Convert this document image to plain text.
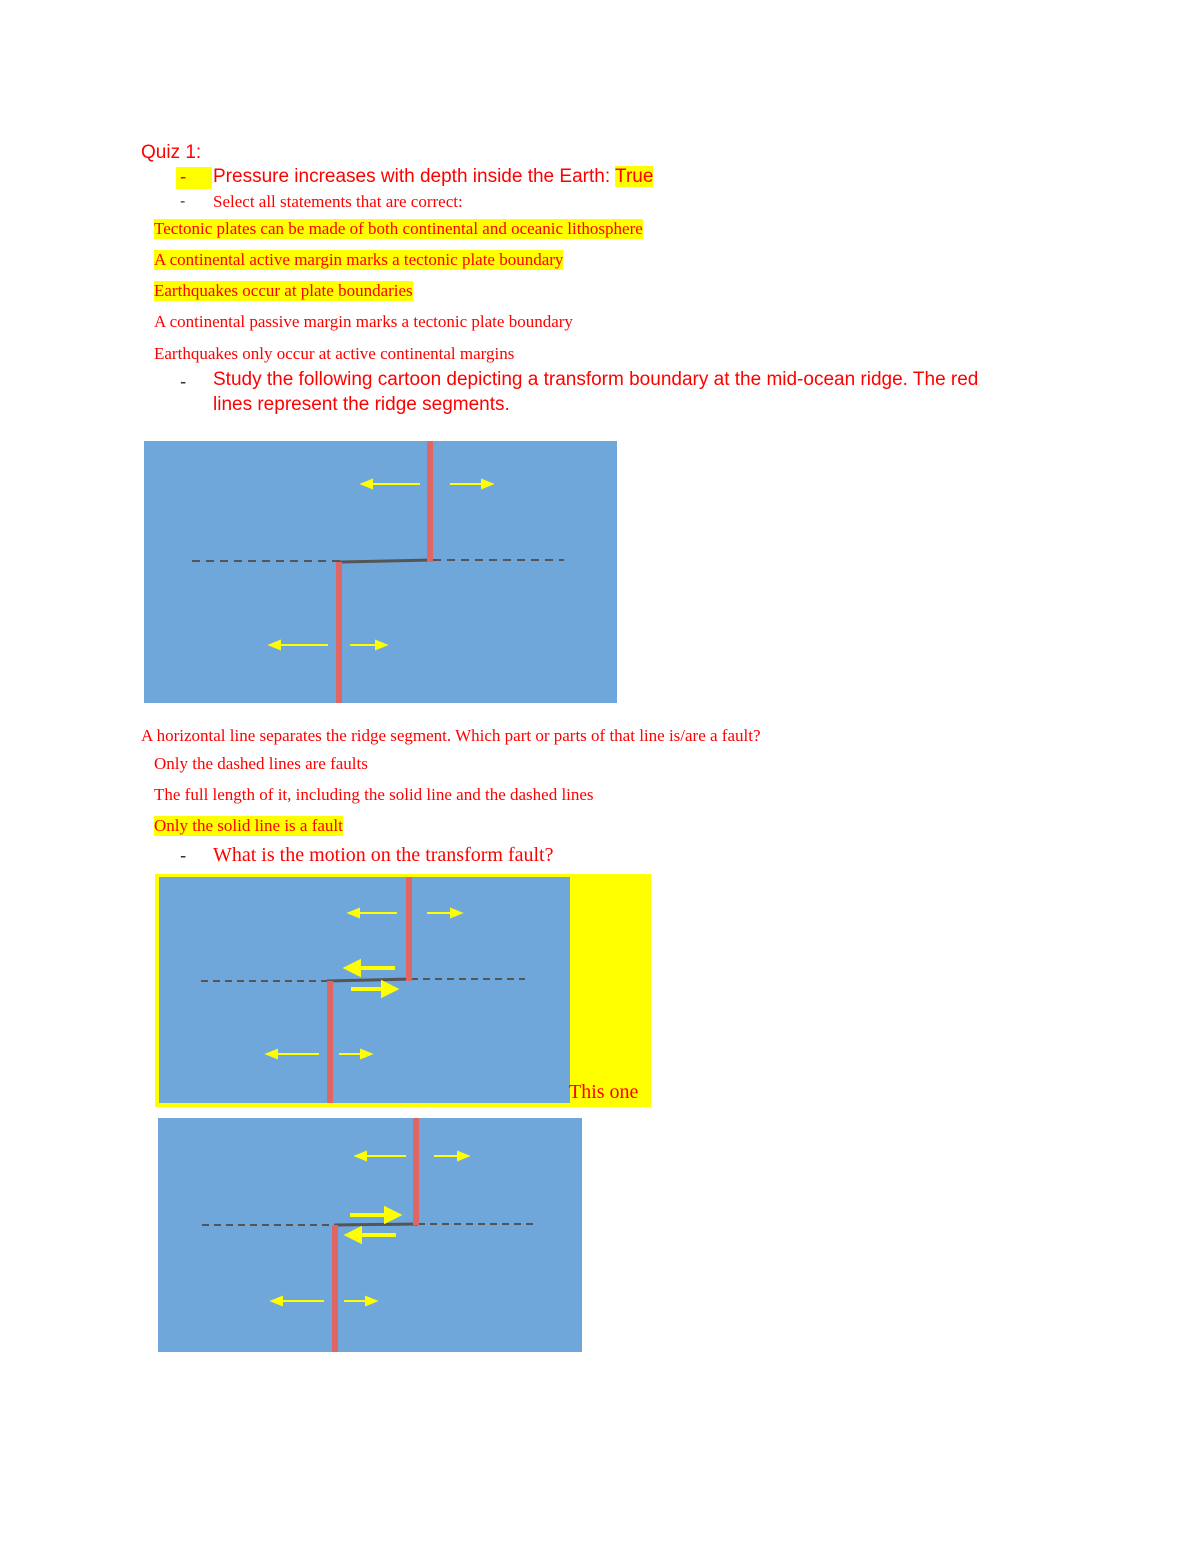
Quiz 1:
-	Pressure increases with depth inside the Earth: True
- Select all statements that are correct:
Tectonic plates can be made of both continental and oceanic lithosphere
A continental active margin marks a tectonic plate boundary
Earthquakes occur at plate boundaries
A continental passive margin marks a tectonic plate boundary
Earthquakes only occur at active continental margins
- Study the following cartoon depicting a transform boundary at the mid-ocean ridge. The red
lines represent the ridge segments.
A horizontal line separates the ridge segment. Which part or parts of that line is/are a fault?
Only the dashed lines are faults
The full length of it, including the solid line and the dashed lines
Only the solid line is a fault
- What is the motion on the transform fault?
This one
